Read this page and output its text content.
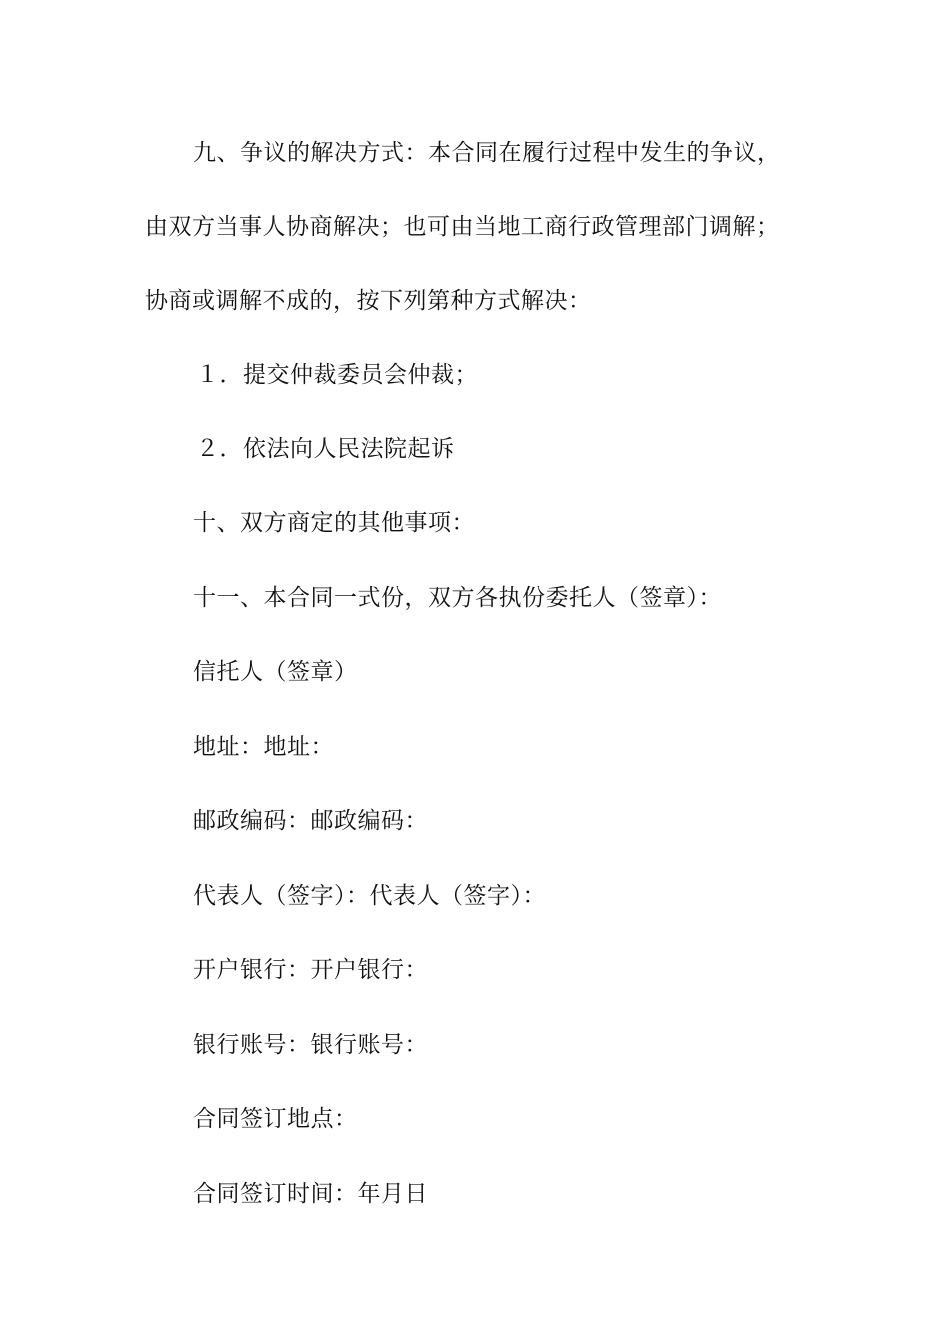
九、争议的解决方式：本合同在履行过程中发生的争议，
由双方当事人协商解决；也可由当地工商行政管理部门调解；
协商或调解不成的，按下列第种方式解决：
１．提交仲裁委员会仲裁；
２．依法向人民法院起诉
十、双方商定的其他事项：
十一、本合同一式份，双方各执份委托人（签章）：
信托人（签章）
地址：地址：
邮政编码：邮政编码：
代表人（签字）：代表人（签字）：
开户银行：开户银行：
银行账号：银行账号：
合同签订地点：
合同签订时间：年月日
